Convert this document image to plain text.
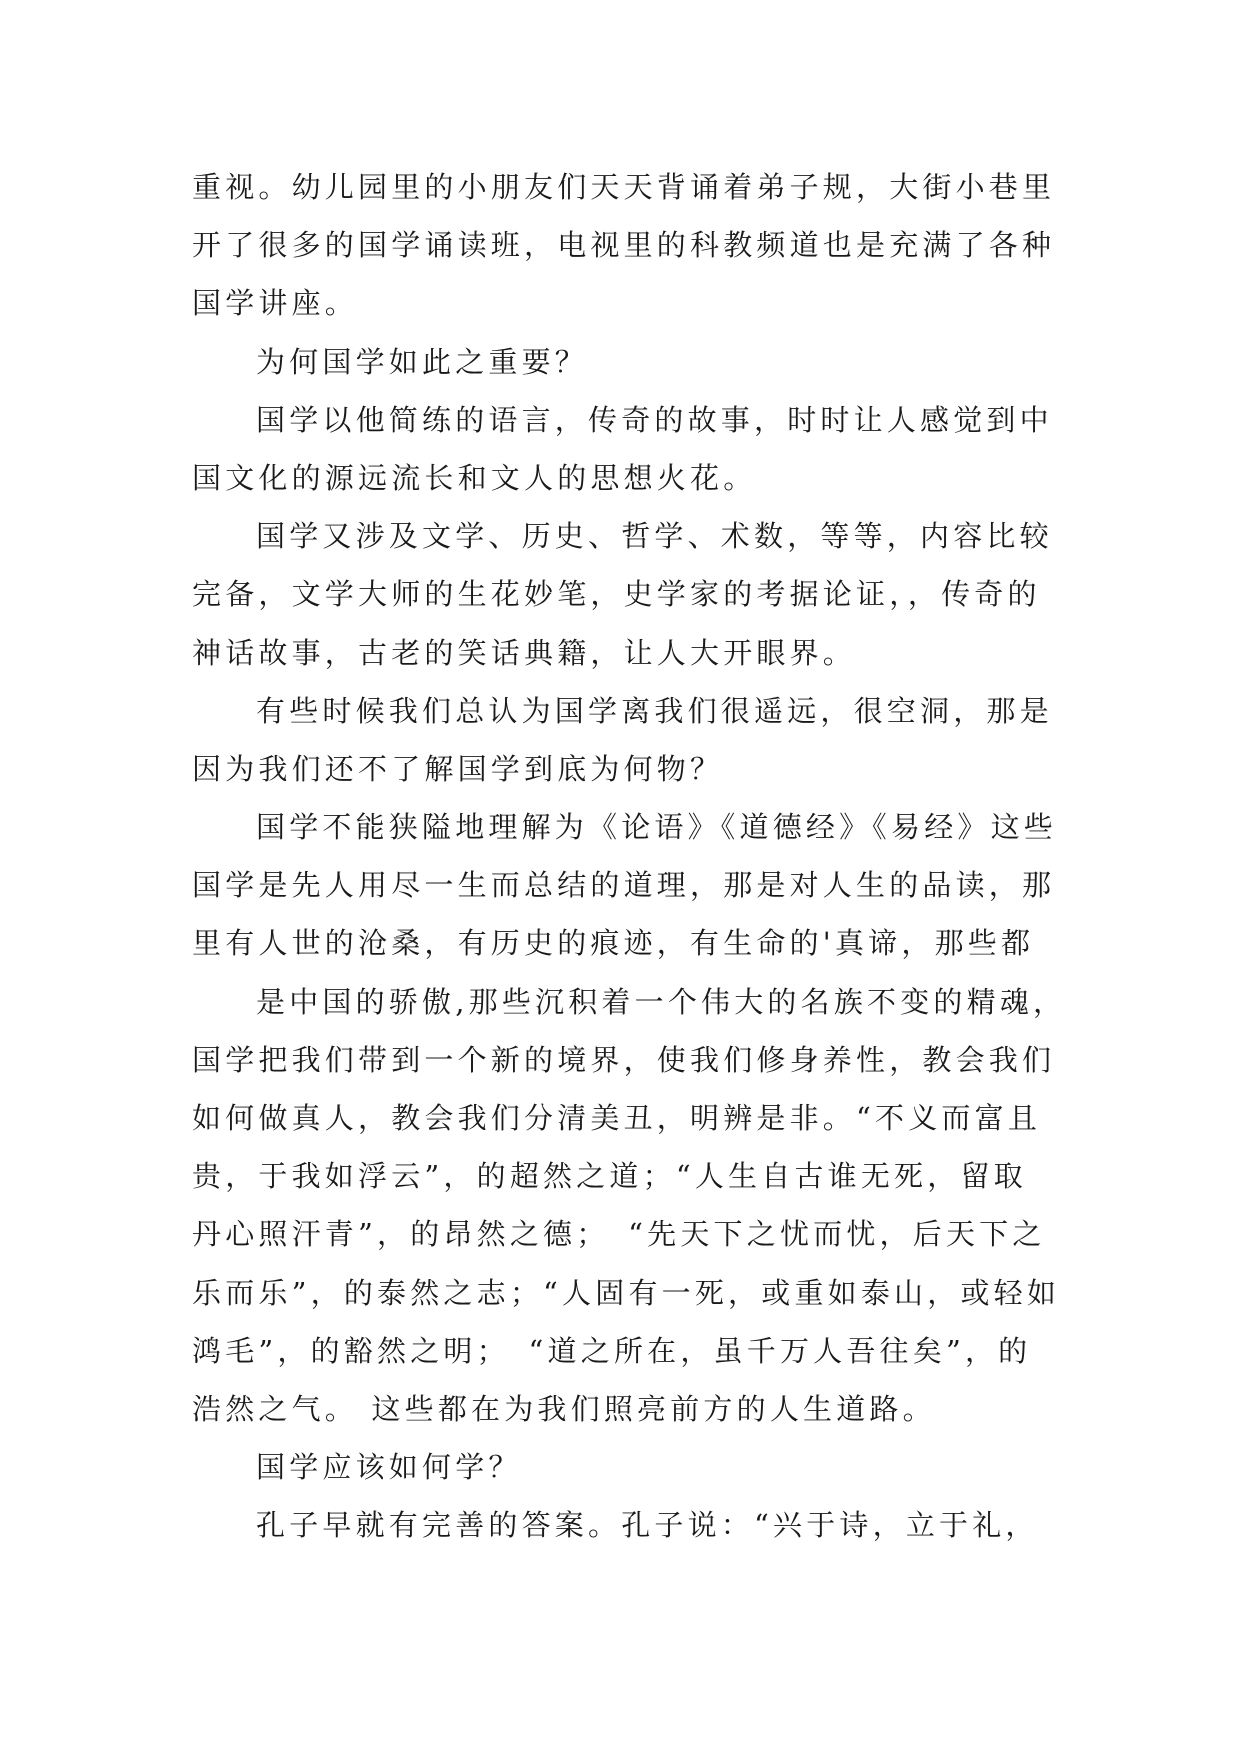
重视。幼儿园里的小朋友们天天背诵着弟子规，大街小巷里
开了很多的国学诵读班，电视里的科教频道也是充满了各种
国学讲座。
为何国学如此之重要？
国学以他简练的语言，传奇的故事，时时让人感觉到中
国文化的源远流长和文人的思想火花。
国学又涉及文学、历史、哲学、术数，等等，内容比较
完备，文学大师的生花妙笔，史学家的考据论证，，传奇的
神话故事，古老的笑话典籍，让人大开眼界。
有些时候我们总认为国学离我们很遥远，很空洞，那是
因为我们还不了解国学到底为何物？
国学不能狭隘地理解为《论语》《道德经》《易经》这些
国学是先人用尽一生而总结的道理，那是对人生的品读，那
里有人世的沧桑，有历史的痕迹，有生命的'真谛，那些都
是中国的骄傲,那些沉积着一个伟大的名族不变的精魂，
国学把我们带到一个新的境界，使我们修身养性，教会我们
如何做真人，教会我们分清美丑，明辨是非。“不义而富且
贵，于我如浮云”，的超然之道；“人生自古谁无死，留取
丹心照汗青”，的昂然之德；　“先天下之忧而忧，后天下之
乐而乐”，的泰然之志；“人固有一死，或重如泰山，或轻如
鸿毛”，的豁然之明；　“道之所在，虽千万人吾往矣”，的
浩然之气。 这些都在为我们照亮前方的人生道路。
国学应该如何学？
孔子早就有完善的答案。孔子说：“兴于诗，立于礼，
